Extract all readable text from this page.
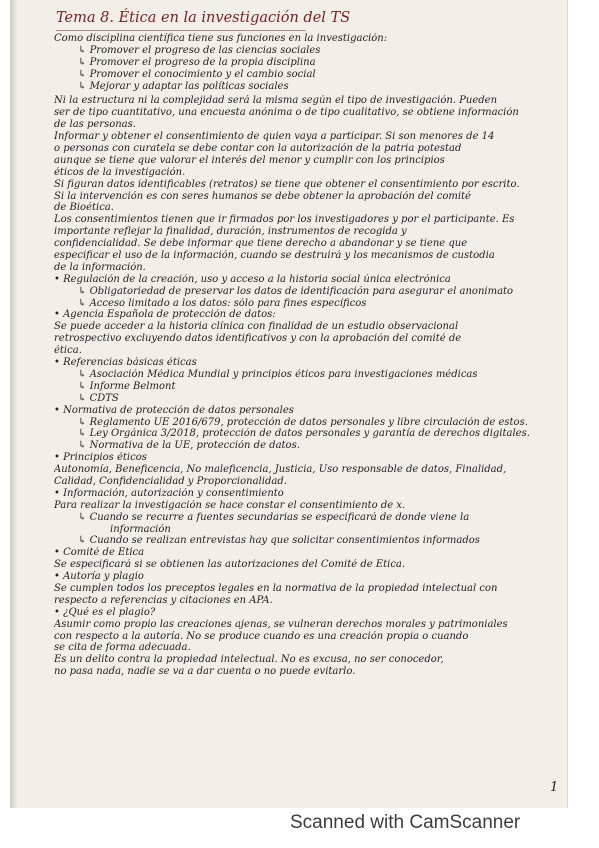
Tema 8. Ética en la investigación del TS
Como disciplina científica tiene sus funciones en la investigación:
↳ Promover el progreso de las ciencias sociales
↳ Promover el progreso de la propia disciplina
↳ Promover el conocimiento y el cambio social
↳ Mejorar y adaptar las políticas sociales
Ni la estructura ni la complejidad será la misma según el tipo de investigación. Pueden
ser de tipo cuantitativo, una encuesta anónima o de tipo cualitativo, se obtiene información
de las personas.
Informar y obtener el consentimiento de quien vaya a participar. Si son menores de 14
o personas con curatela se debe contar con la autorización de la patria potestad
aunque se tiene que valorar el interés del menor y cumplir con los principios
éticos de la investigación.
Si figuran datos identificables (retratos) se tiene que obtener el consentimiento por escrito.
Si la intervención es con seres humanos se debe obtener la aprobación del comité
de Bioética.
Los consentimientos tienen que ir firmados por los investigadores y por el participante. Es
importante reflejar la finalidad, duración, instrumentos de recogida y
confidencialidad. Se debe informar que tiene derecho a abandonar y se tiene que
especificar el uso de la información, cuando se destruirá y los mecanismos de custodia
de la información.
• Regulación de la creación, uso y acceso a la historia social única electrónica
↳ Obligatoriedad de preservar los datos de identificación para asegurar el anonimato
↳ Acceso limitado a los datos: sólo para fines específicos
• Agencia Española de protección de datos:
Se puede acceder a la historia clínica con finalidad de un estudio observacional
retrospectivo excluyendo datos identificativos y con la aprobación del comité de
ética.
• Referencias básicas éticas
↳ Asociación Médica Mundial y principios éticos para investigaciones médicas
↳ Informe Belmont
↳ CDTS
• Normativa de protección de datos personales
↳ Reglamento UE 2016/679, protección de datos personales y libre circulación de estos.
↳ Ley Orgánica 3/2018, protección de datos personales y garantía de derechos digitales.
↳ Normativa de la UE, protección de datos.
• Principios éticos
Autonomía, Beneficencia, No maleficencia, Justicia, Uso responsable de datos, Finalidad,
Calidad, Confidencialidad y Proporcionalidad.
• Información, autorización y consentimiento
Para realizar la investigación se hace constar el consentimiento de x.
↳ Cuando se recurre a fuentes secundarias se especificará de donde viene la
información
↳ Cuando se realizan entrevistas hay que solicitar consentimientos informados
• Comité de Ética
Se especificará si se obtienen las autorizaciones del Comité de Ética.
• Autoría y plagio
Se cumplen todos los preceptos legales en la normativa de la propiedad intelectual con
respecto a referencias y citaciones en APA.
• ¿Qué es el plagio?
Asumir como propio las creaciones ajenas, se vulneran derechos morales y patrimoniales
con respecto a la autoría. No se produce cuando es una creación propia o cuando
se cita de forma adecuada.
Es un delito contra la propiedad intelectual. No es excusa, no ser conocedor,
no pasa nada, nadie se va a dar cuenta o no puede evitarlo.
1
Scanned with CamScanner
